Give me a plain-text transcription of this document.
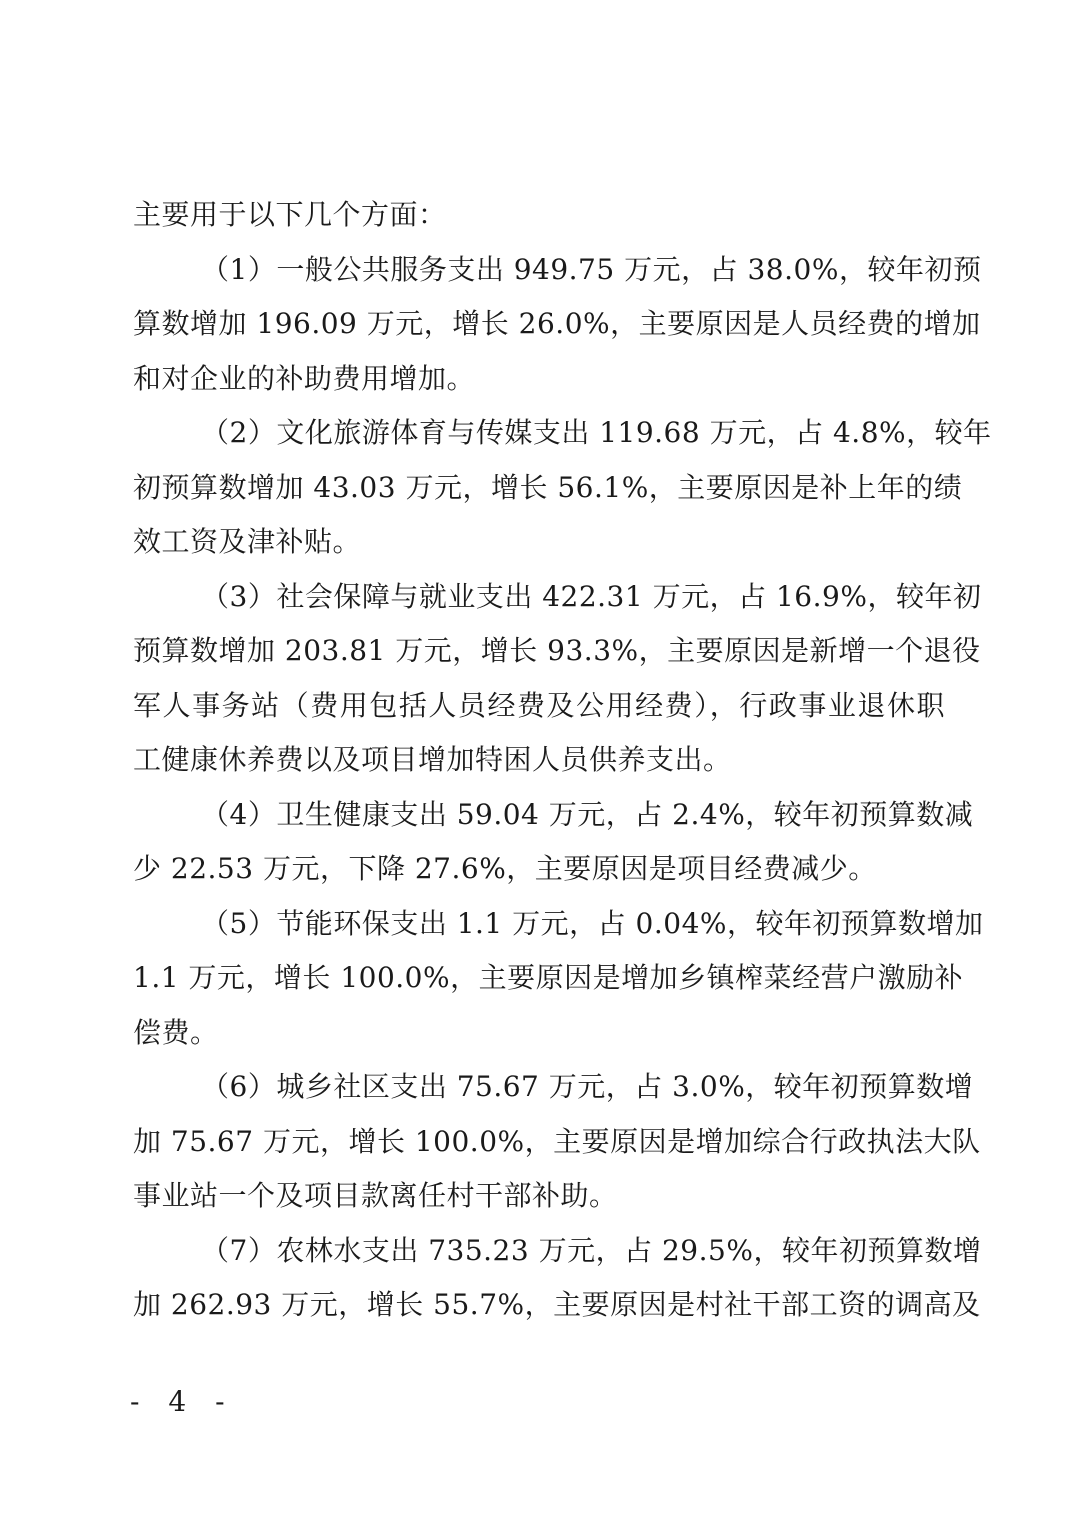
主要用于以下几个方面：
（1）一般公共服务支出 949.75 万元，占 38.0%，较年初预
算数增加 196.09 万元，增长 26.0%，主要原因是人员经费的增加
和对企业的补助费用增加。
（2）文化旅游体育与传媒支出 119.68 万元，占 4.8%，较年
初预算数增加 43.03 万元，增长 56.1%，主要原因是补上年的绩
效工资及津补贴。
（3）社会保障与就业支出 422.31 万元，占 16.9%，较年初
预算数增加 203.81 万元，增长 93.3%，主要原因是新增一个退役
军人事务站（费用包括人员经费及公用经费），行政事业退休职
工健康休养费以及项目增加特困人员供养支出。
（4）卫生健康支出 59.04 万元，占 2.4%，较年初预算数减
少 22.53 万元，下降 27.6%，主要原因是项目经费减少。
（5）节能环保支出 1.1 万元，占 0.04%，较年初预算数增加
1.1 万元，增长 100.0%，主要原因是增加乡镇榨菜经营户激励补
偿费。
（6）城乡社区支出 75.67 万元，占 3.0%，较年初预算数增
加 75.67 万元，增长 100.0%，主要原因是增加综合行政执法大队
事业站一个及项目款离任村干部补助。
（7）农林水支出 735.23 万元，占 29.5%，较年初预算数增
加 262.93 万元，增长 55.7%，主要原因是村社干部工资的调高及
- 4 -
